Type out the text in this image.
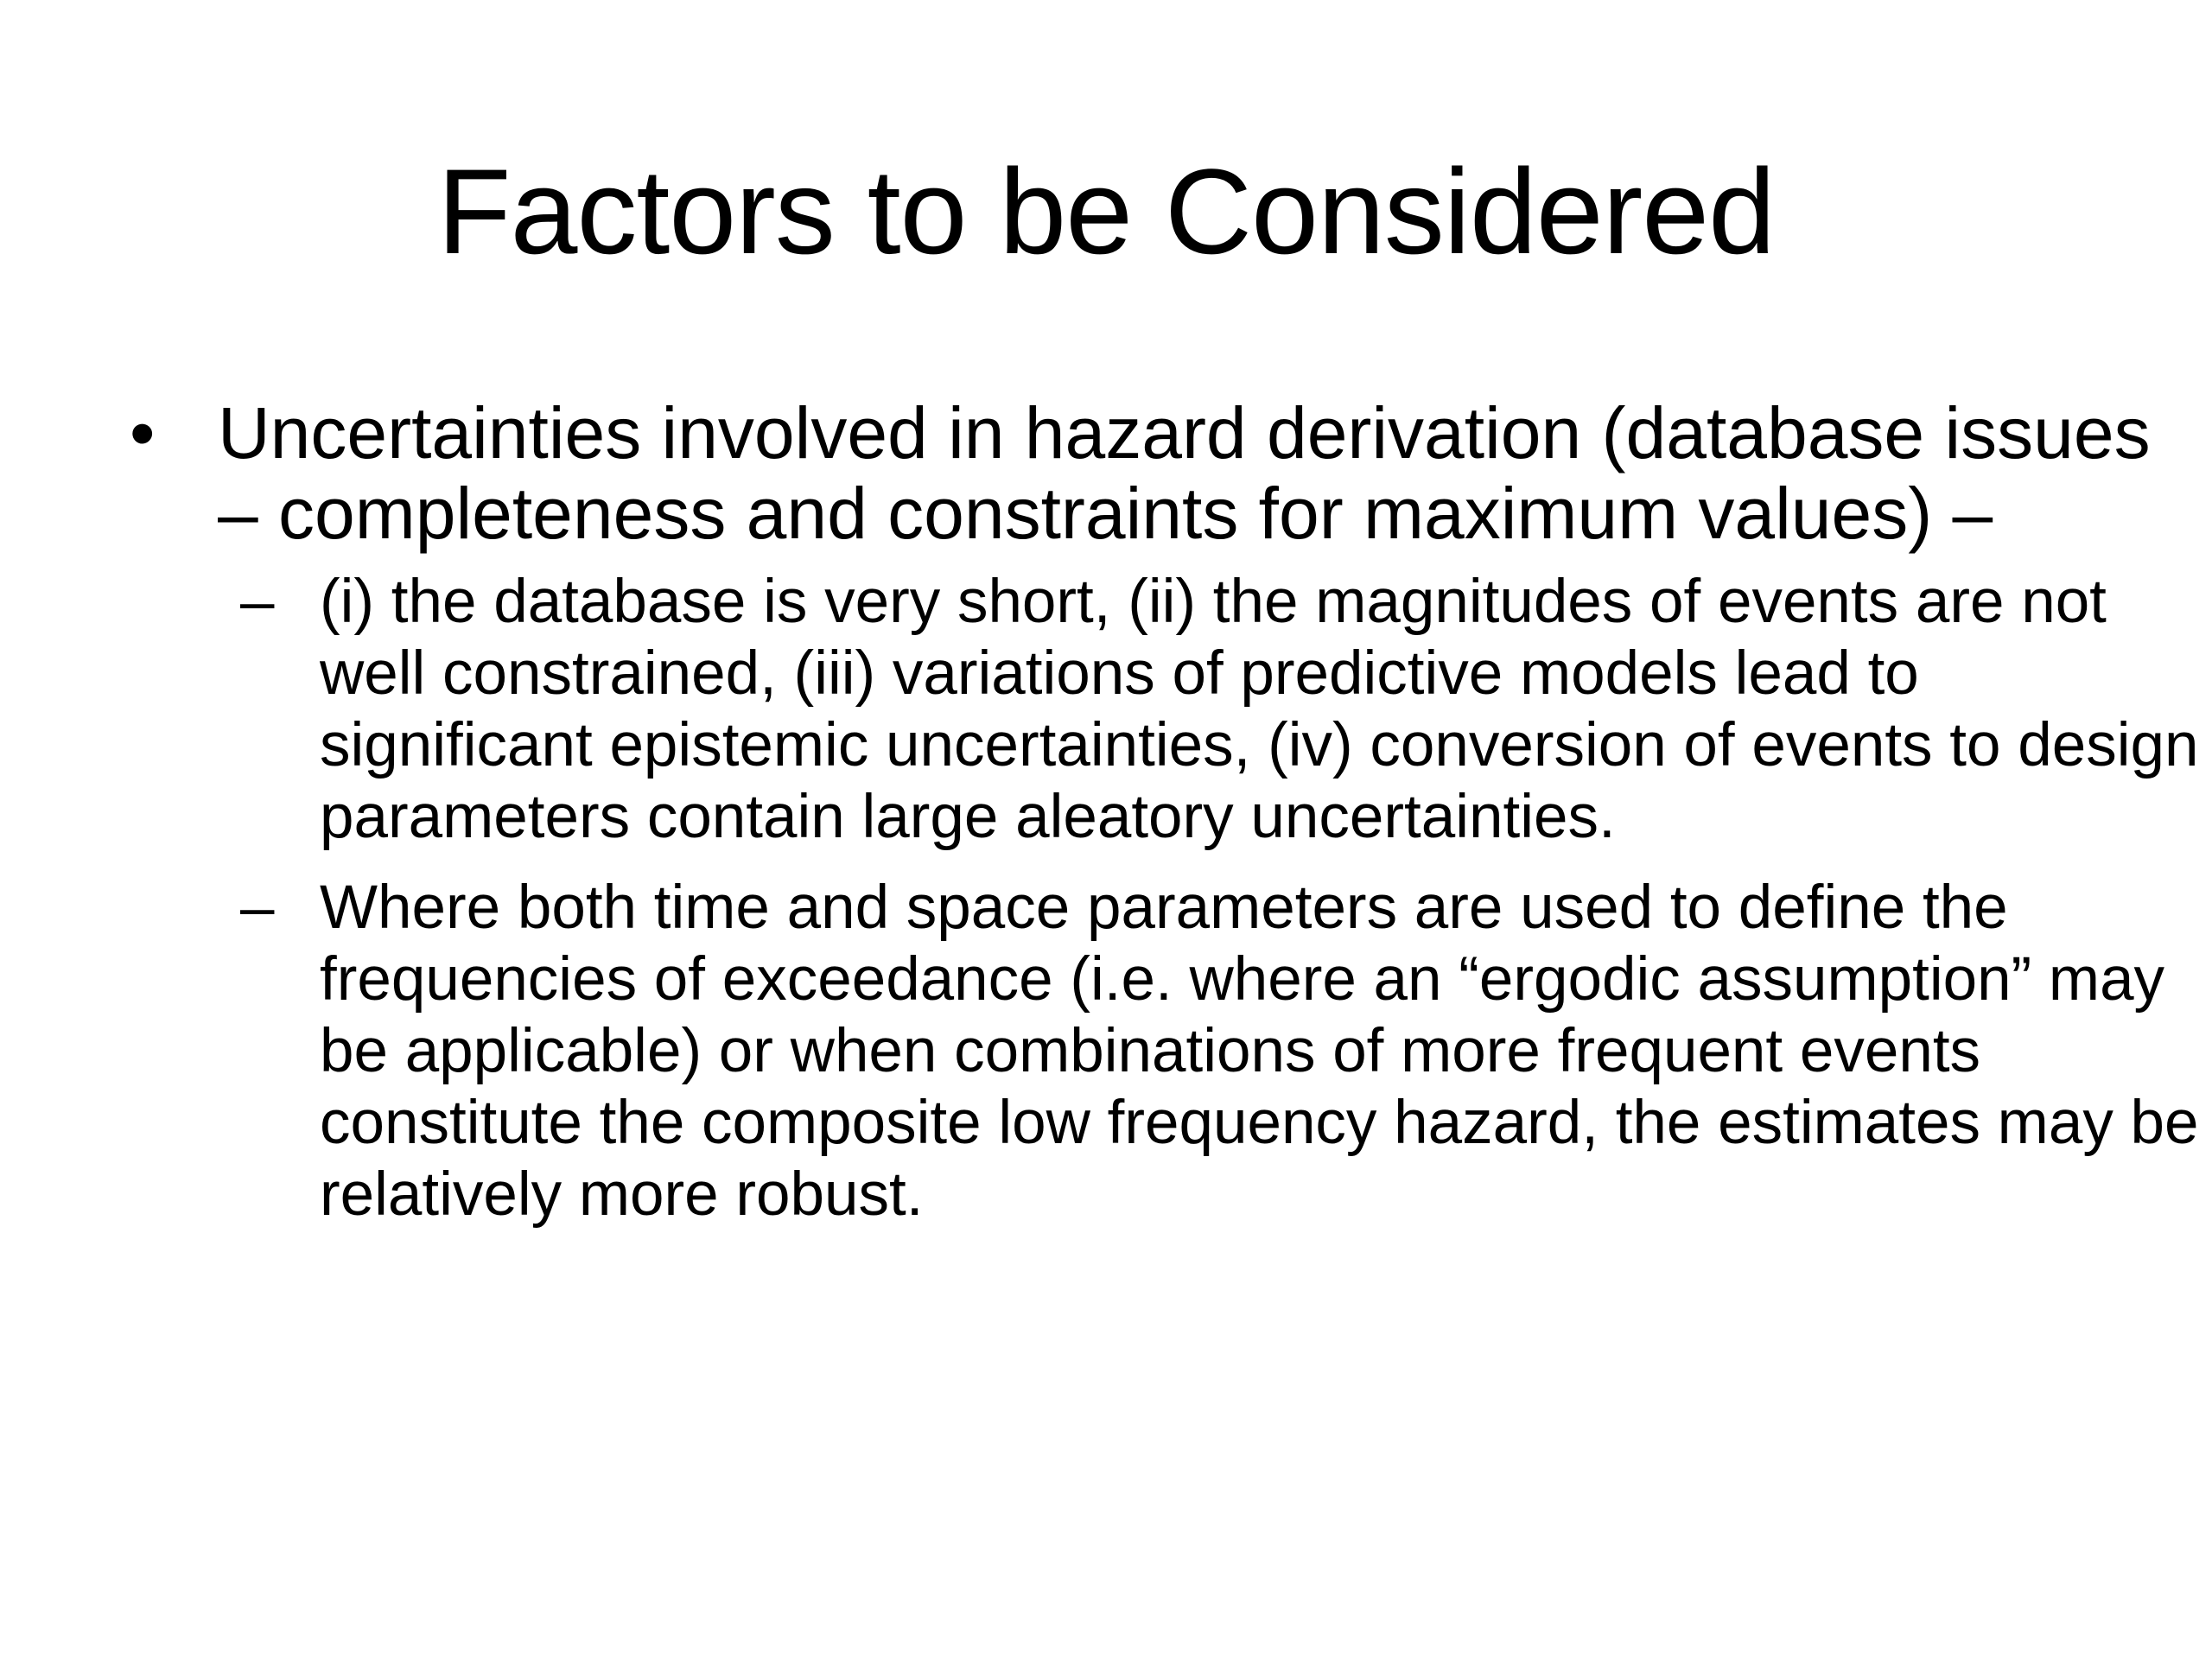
Factors to be Considered
• Uncertainties involved in hazard derivation (database issues – completeness and constraints for maximum values) –
– (i) the database is very short, (ii) the magnitudes of events are not well constrained, (iii) variations of predictive models lead to significant epistemic uncertainties, (iv) conversion of events to design parameters contain large aleatory uncertainties.
– Where both time and space parameters are used to define the frequencies of exceedance (i.e. where an “ergodic assumption” may be applicable) or when combinations of more frequent events constitute the composite low frequency hazard, the estimates may be relatively more robust.
